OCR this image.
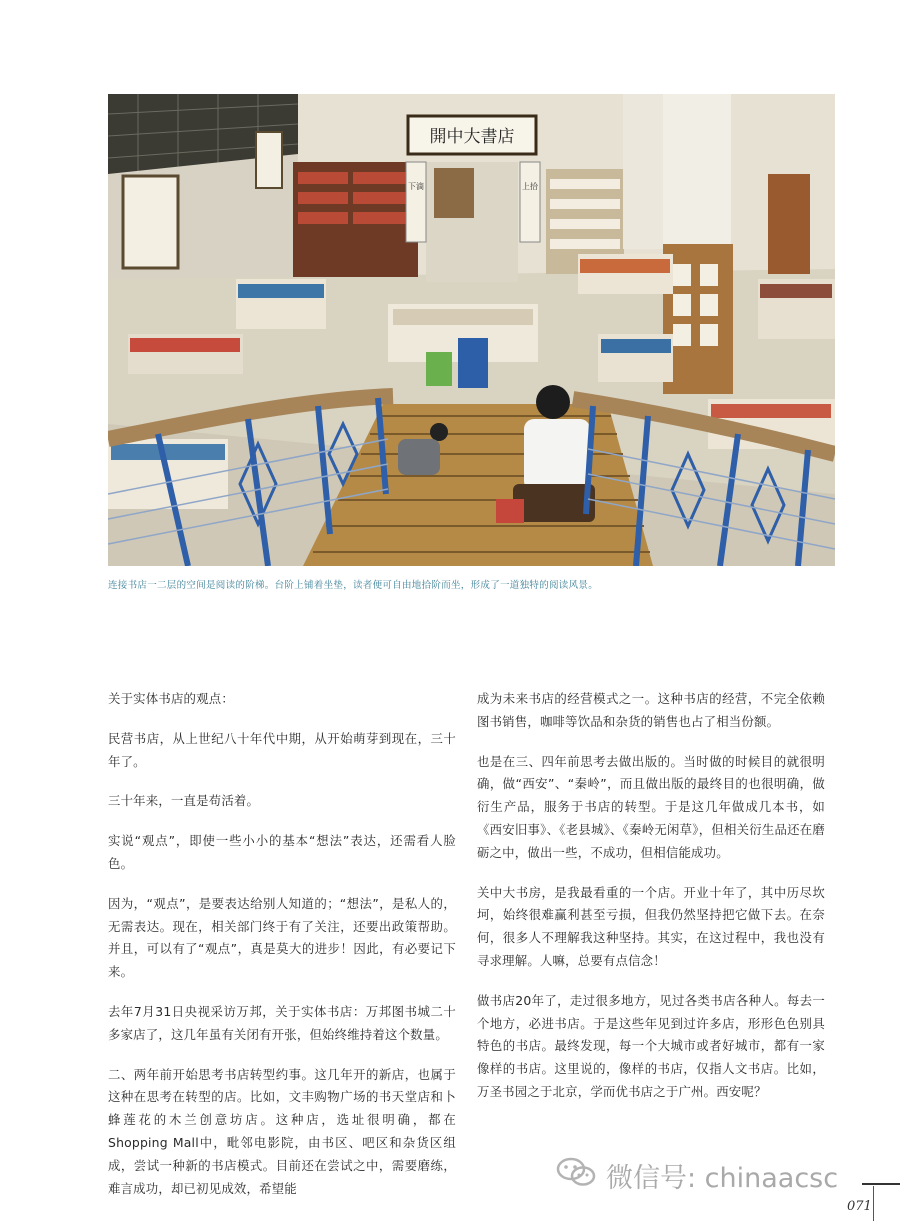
開中大書店
下滴	上拾
连接书店一二层的空间是阅读的阶梯。台阶上铺着坐垫，读者便可自由地拾阶而坐，形成了一道独特的阅读风景。

关于实体书店的观点：

民营书店，从上世纪八十年代中期，从开始萌芽到现在，三十年了。

三十年来，一直是苟活着。

实说“观点”，即使一些小小的基本“想法”表达，还需看人脸色。

因为，“观点”，是要表达给别人知道的；“想法”，是私人的，无需表达。现在，相关部门终于有了关注，还要出政策帮助。并且，可以有了“观点”，真是莫大的进步！因此，有必要记下来。

去年7月31日央视采访万邦，关于实体书店：万邦图书城二十多家店了，这几年虽有关闭有开张，但始终维持着这个数量。

二、两年前开始思考书店转型约事。这几年开的新店，也属于这种在思考在转型的店。比如，文丰购物广场的书天堂店和卜蜂莲花的木兰创意坊店。这种店，选址很明确，都在Shopping Mall中，毗邻电影院，由书区、吧区和杂货区组成，尝试一种新的书店模式。目前还在尝试之中，需要磨练，难言成功，却已初见成效，希望能

成为未来书店的经营模式之一。这种书店的经营，不完全依赖图书销售，咖啡等饮品和杂货的销售也占了相当份额。

也是在三、四年前思考去做出版的。当时做的时候目的就很明确，做“西安”、“秦岭”，而且做出版的最终目的也很明确，做衍生产品，服务于书店的转型。于是这几年做成几本书，如《西安旧事》、《老县城》、《秦岭无闲草》，但相关衍生品还在磨砺之中，做出一些，不成功，但相信能成功。

关中大书房，是我最看重的一个店。开业十年了，其中历尽坎坷，始终很难赢利甚至亏损，但我仍然坚持把它做下去。在奈何，很多人不理解我这种坚持。其实，在这过程中，我也没有寻求理解。人嘛，总要有点信念！

做书店20年了，走过很多地方，见过各类书店各种人。每去一个地方，必进书店。于是这些年见到过许多店，形形色色别具特色的书店。最终发现，每一个大城市或者好城市，都有一家像样的书店。这里说的，像样的书店，仅指人文书店。比如，万圣书园之于北京，学而优书店之于广州。西安呢？

微信号: chinaacsc
071
